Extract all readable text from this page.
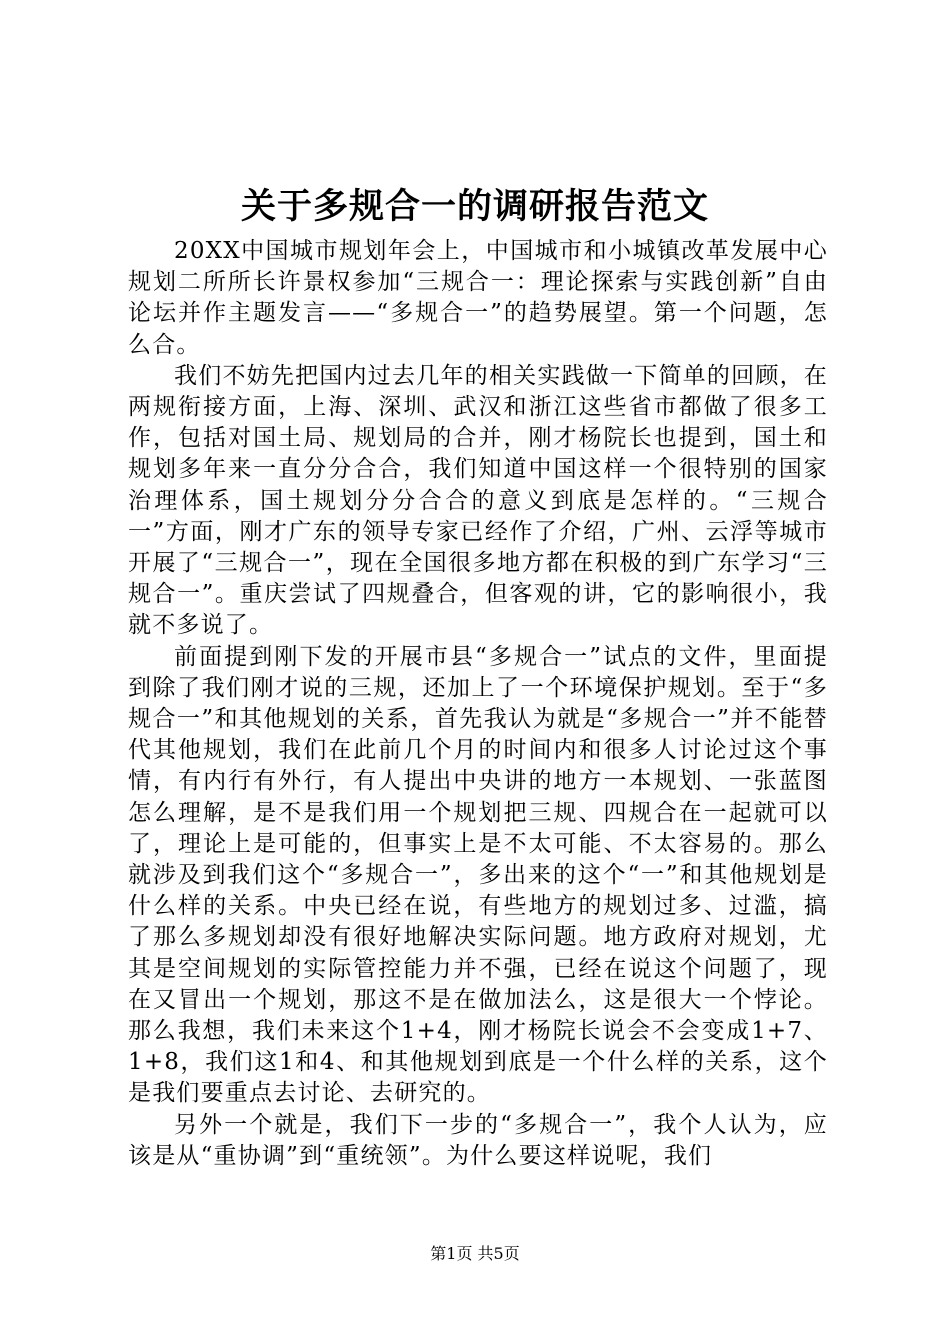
关于多规合一的调研报告范文

20XX中国城市规划年会上，中国城市和小城镇改革发展中心规划二所所长许景权参加“三规合一：理论探索与实践创新”自由论坛并作主题发言——“多规合一”的趋势展望。第一个问题，怎么合。

我们不妨先把国内过去几年的相关实践做一下简单的回顾，在两规衔接方面，上海、深圳、武汉和浙江这些省市都做了很多工作，包括对国土局、规划局的合并，刚才杨院长也提到，国土和规划多年来一直分分合合，我们知道中国这样一个很特别的国家治理体系，国土规划分分合合的意义到底是怎样的。“三规合一”方面，刚才广东的领导专家已经作了介绍，广州、云浮等城市开展了“三规合一”，现在全国很多地方都在积极的到广东学习“三规合一”。重庆尝试了四规叠合，但客观的讲，它的影响很小，我就不多说了。

前面提到刚下发的开展市县“多规合一”试点的文件，里面提到除了我们刚才说的三规，还加上了一个环境保护规划。至于“多规合一”和其他规划的关系，首先我认为就是“多规合一”并不能替代其他规划，我们在此前几个月的时间内和很多人讨论过这个事情，有内行有外行，有人提出中央讲的地方一本规划、一张蓝图怎么理解，是不是我们用一个规划把三规、四规合在一起就可以了，理论上是可能的，但事实上是不太可能、不太容易的。那么就涉及到我们这个“多规合一”，多出来的这个“一”和其他规划是什么样的关系。中央已经在说，有些地方的规划过多、过滥，搞了那么多规划却没有很好地解决实际问题。地方政府对规划，尤其是空间规划的实际管控能力并不强，已经在说这个问题了，现在又冒出一个规划，那这不是在做加法么，这是很大一个悖论。那么我想，我们未来这个1+4，刚才杨院长说会不会变成1+7、1+8，我们这1和4、和其他规划到底是一个什么样的关系，这个是我们要重点去讨论、去研究的。

另外一个就是，我们下一步的“多规合一”，我个人认为，应该是从“重协调”到“重统领”。为什么要这样说呢，我们

第1页 共5页
